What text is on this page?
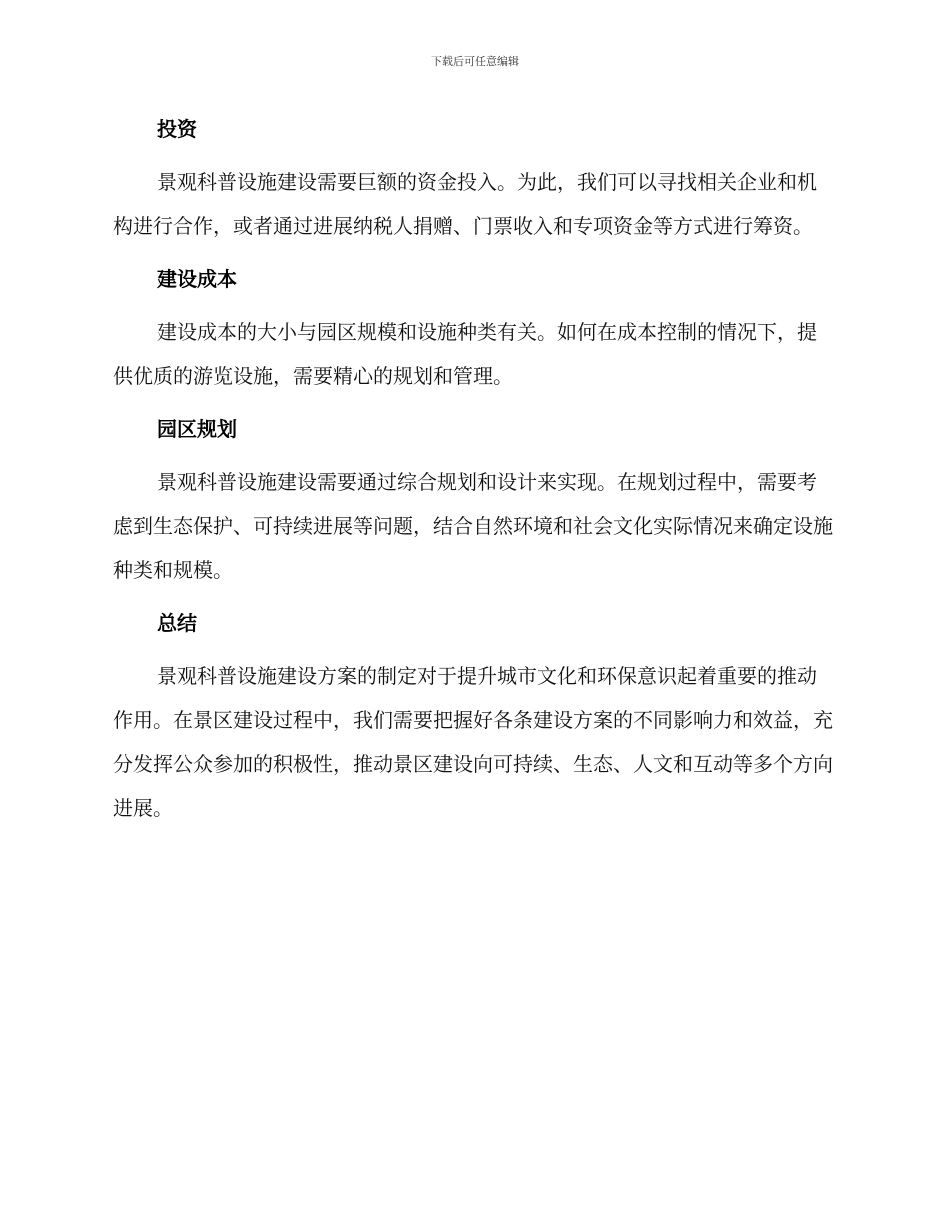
下载后可任意编辑
投资

景观科普设施建设需要巨额的资金投入。为此，我们可以寻找相关企业和机构进行合作，或者通过进展纳税人捐赠、门票收入和专项资金等方式进行筹资。

建设成本

建设成本的大小与园区规模和设施种类有关。如何在成本控制的情况下，提供优质的游览设施，需要精心的规划和管理。

园区规划

景观科普设施建设需要通过综合规划和设计来实现。在规划过程中，需要考虑到生态保护、可持续进展等问题，结合自然环境和社会文化实际情况来确定设施种类和规模。

总结

景观科普设施建设方案的制定对于提升城市文化和环保意识起着重要的推动作用。在景区建设过程中，我们需要把握好各条建设方案的不同影响力和效益，充分发挥公众参加的积极性，推动景区建设向可持续、生态、人文和互动等多个方向进展。
